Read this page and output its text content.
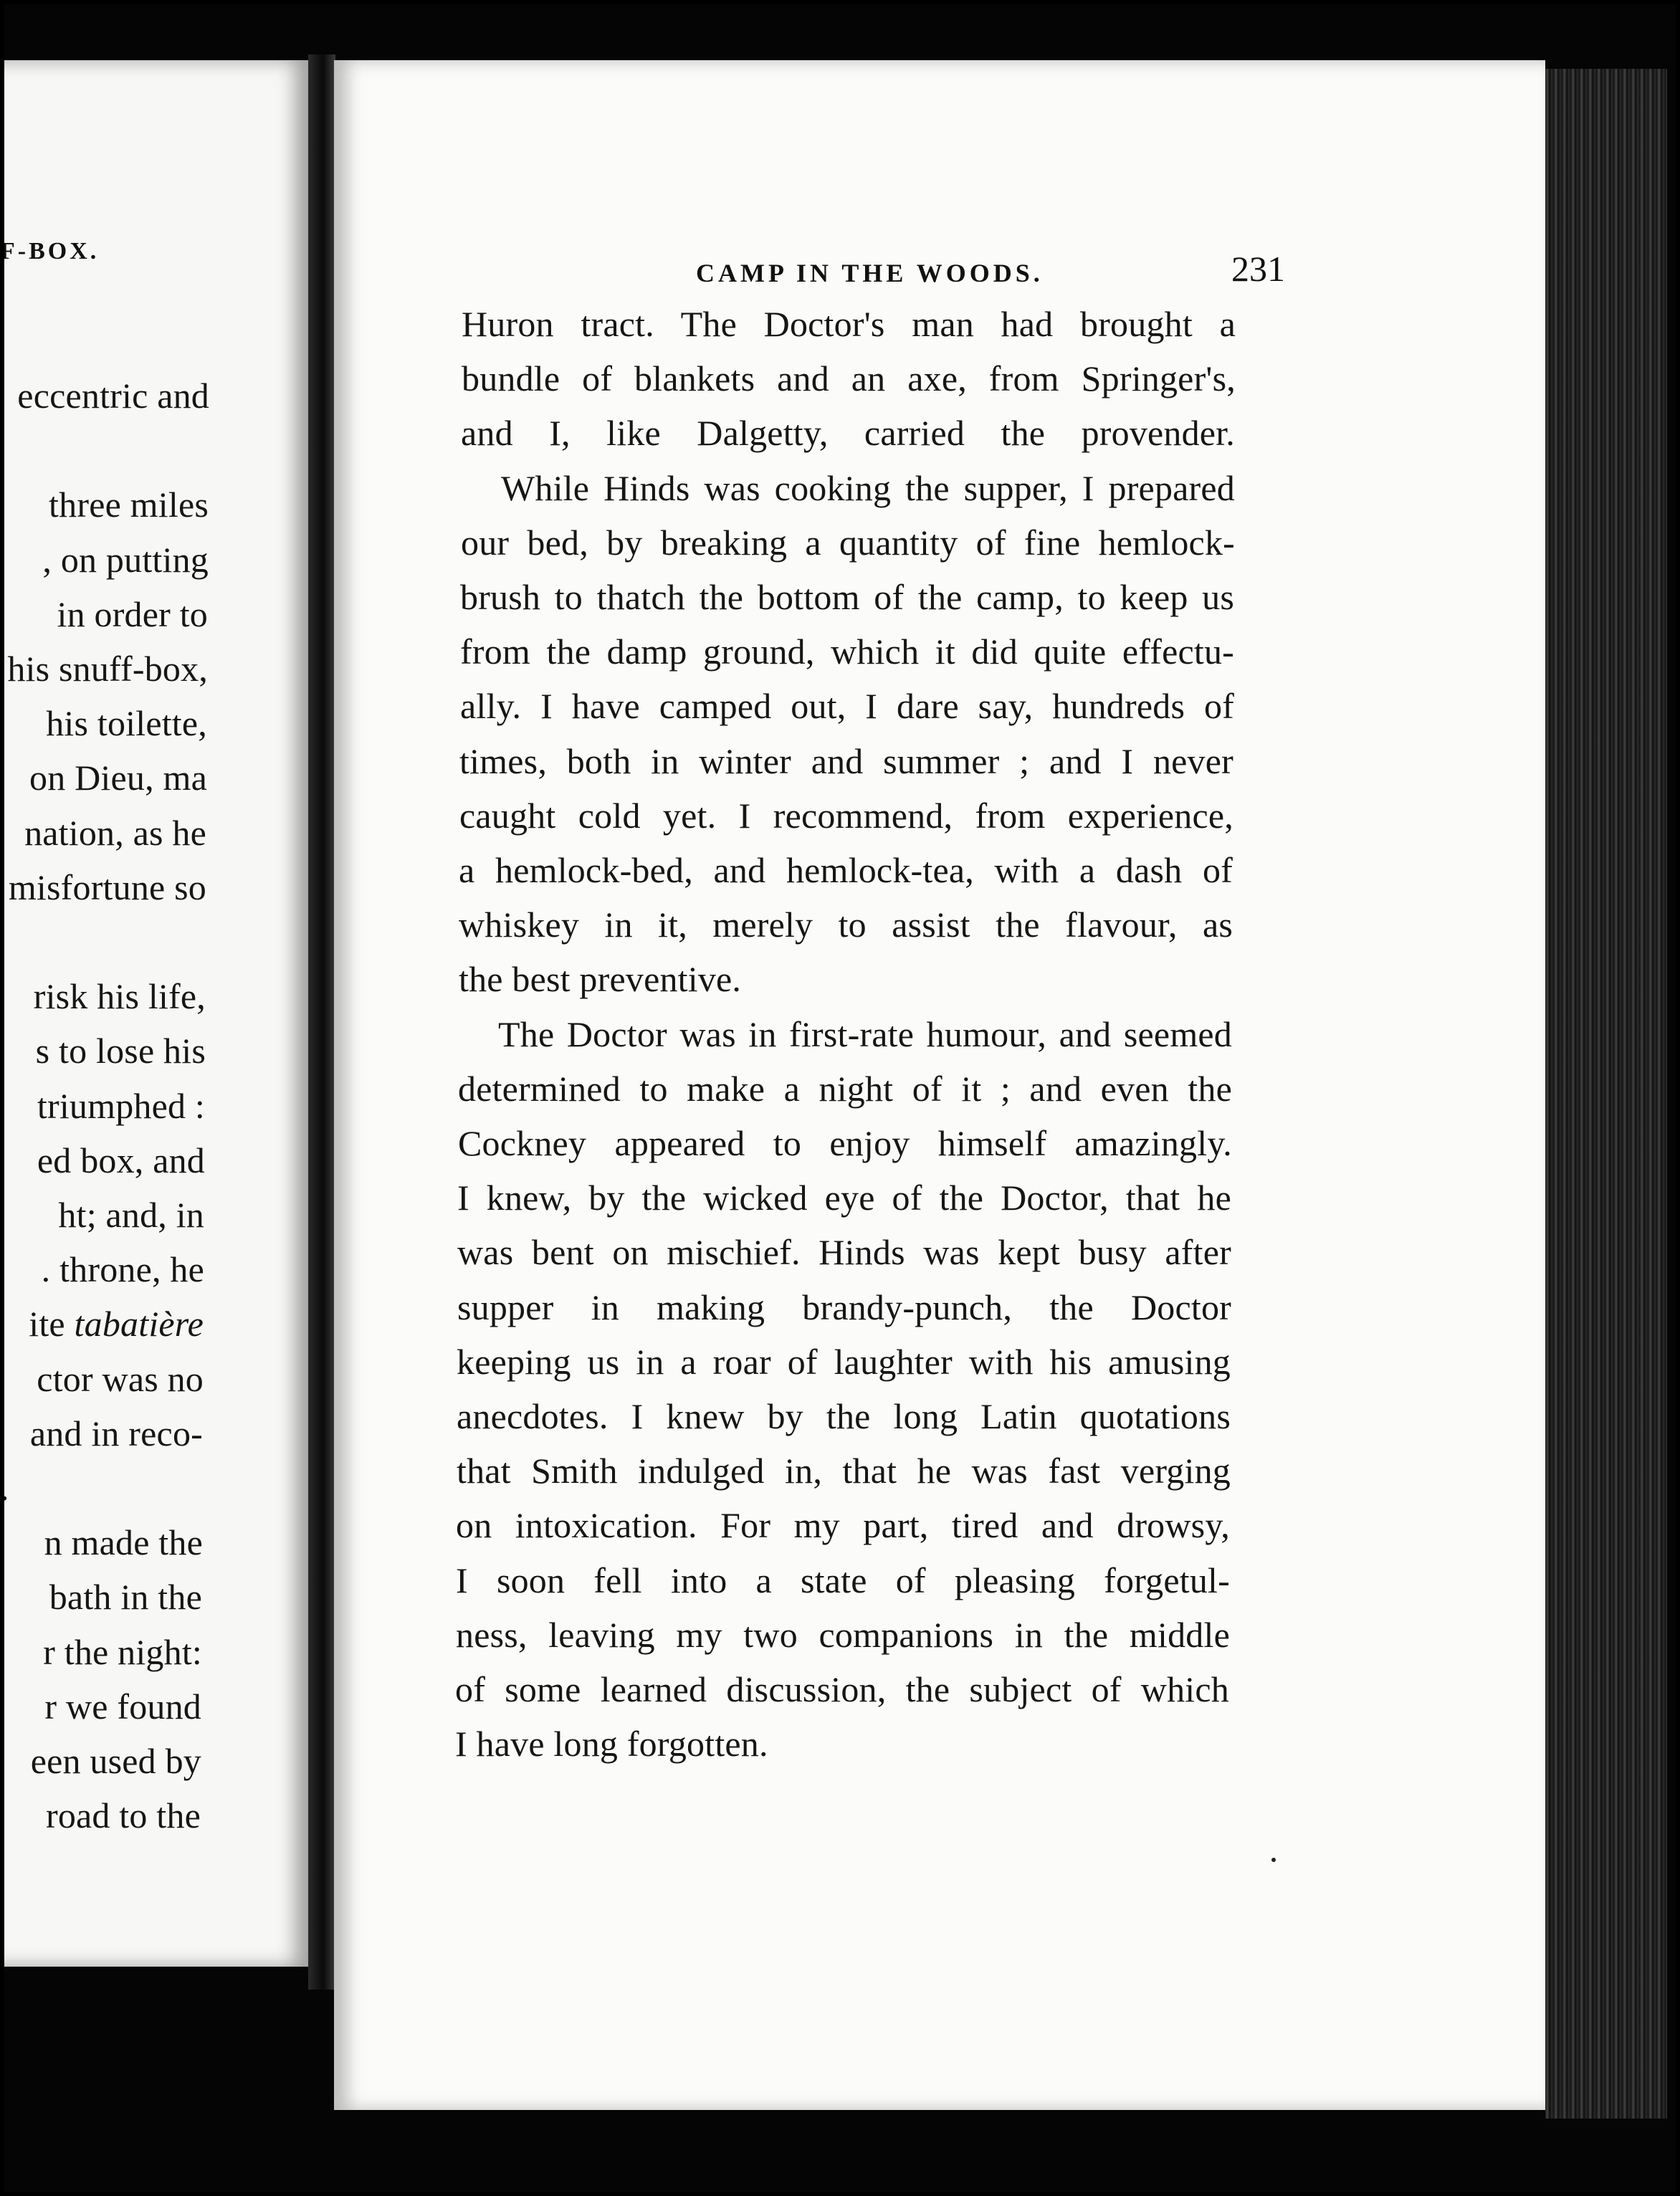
F-BOX.

eccentric and

three miles

, on putting

in order to

his snuff-box,

his toilette,

on Dieu, ma

nation, as he

misfortune so

risk his life,

s to lose his

triumphed :

ed box, and

ht; and, in

. throne, he

ite tabatière

ctor was no

and in reco-

.

n made the

bath in the

r the night:

r we found

een used by

road to the

CAMP IN THE WOODS.	231

Huron tract. The Doctor's man had brought a

bundle of blankets and an axe, from Springer's,

and I, like Dalgetty, carried the provender.

While Hinds was cooking the supper, I prepared

our bed, by breaking a quantity of fine hemlock-

brush to thatch the bottom of the camp, to keep us

from the damp ground, which it did quite effectu-

ally. I have camped out, I dare say, hundreds of

times, both in winter and summer ; and I never

caught cold yet. I recommend, from experience,

a hemlock-bed, and hemlock-tea, with a dash of

whiskey in it, merely to assist the flavour, as

the best preventive.

The Doctor was in first-rate humour, and seemed

determined to make a night of it ; and even the

Cockney appeared to enjoy himself amazingly.

I knew, by the wicked eye of the Doctor, that he

was bent on mischief. Hinds was kept busy after

supper in making brandy-punch, the Doctor

keeping us in a roar of laughter with his amusing

anecdotes. I knew by the long Latin quotations

that Smith indulged in, that he was fast verging

on intoxication. For my part, tired and drowsy,

I soon fell into a state of pleasing forgetul-

ness, leaving my two companions in the middle

of some learned discussion, the subject of which

I have long forgotten.
